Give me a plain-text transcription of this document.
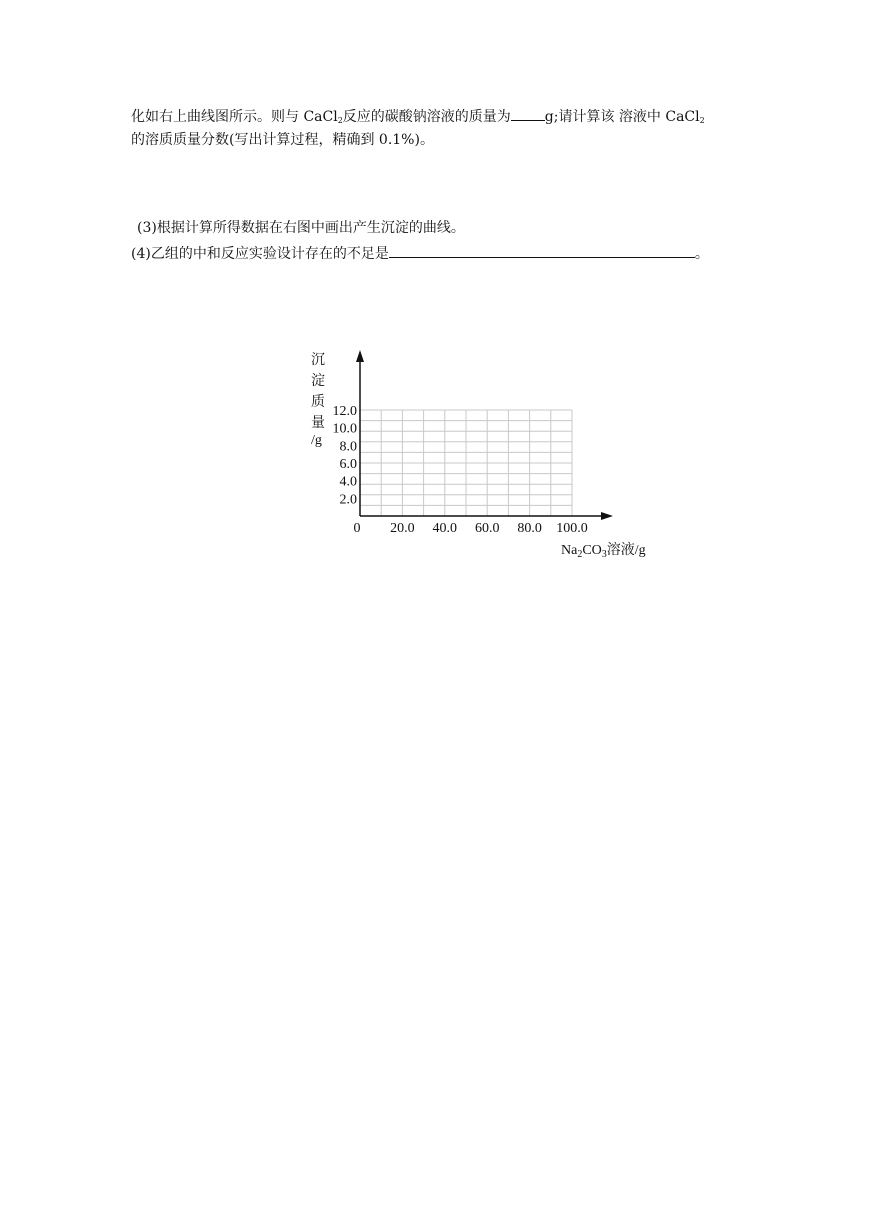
化如右上曲线图所示。则与 CaCl$_2$反应的碳酸钠溶液的质量为 g;请计算该 溶液中 CaCl$_2$
的溶质质量分数(写出计算过程，精确到 0.1%)。
(3)根据计算所得数据在右图中画出产生沉淀的曲线。
(4)乙组的中和反应实验设计存在的不足是	。
2.0
4.0
6.0
8.0
10.0
12.0
20.0 40.0 60.0 80.0 100.0
0
沉
淀
质
量
/g
$Na_2CO_3$溶液/g
